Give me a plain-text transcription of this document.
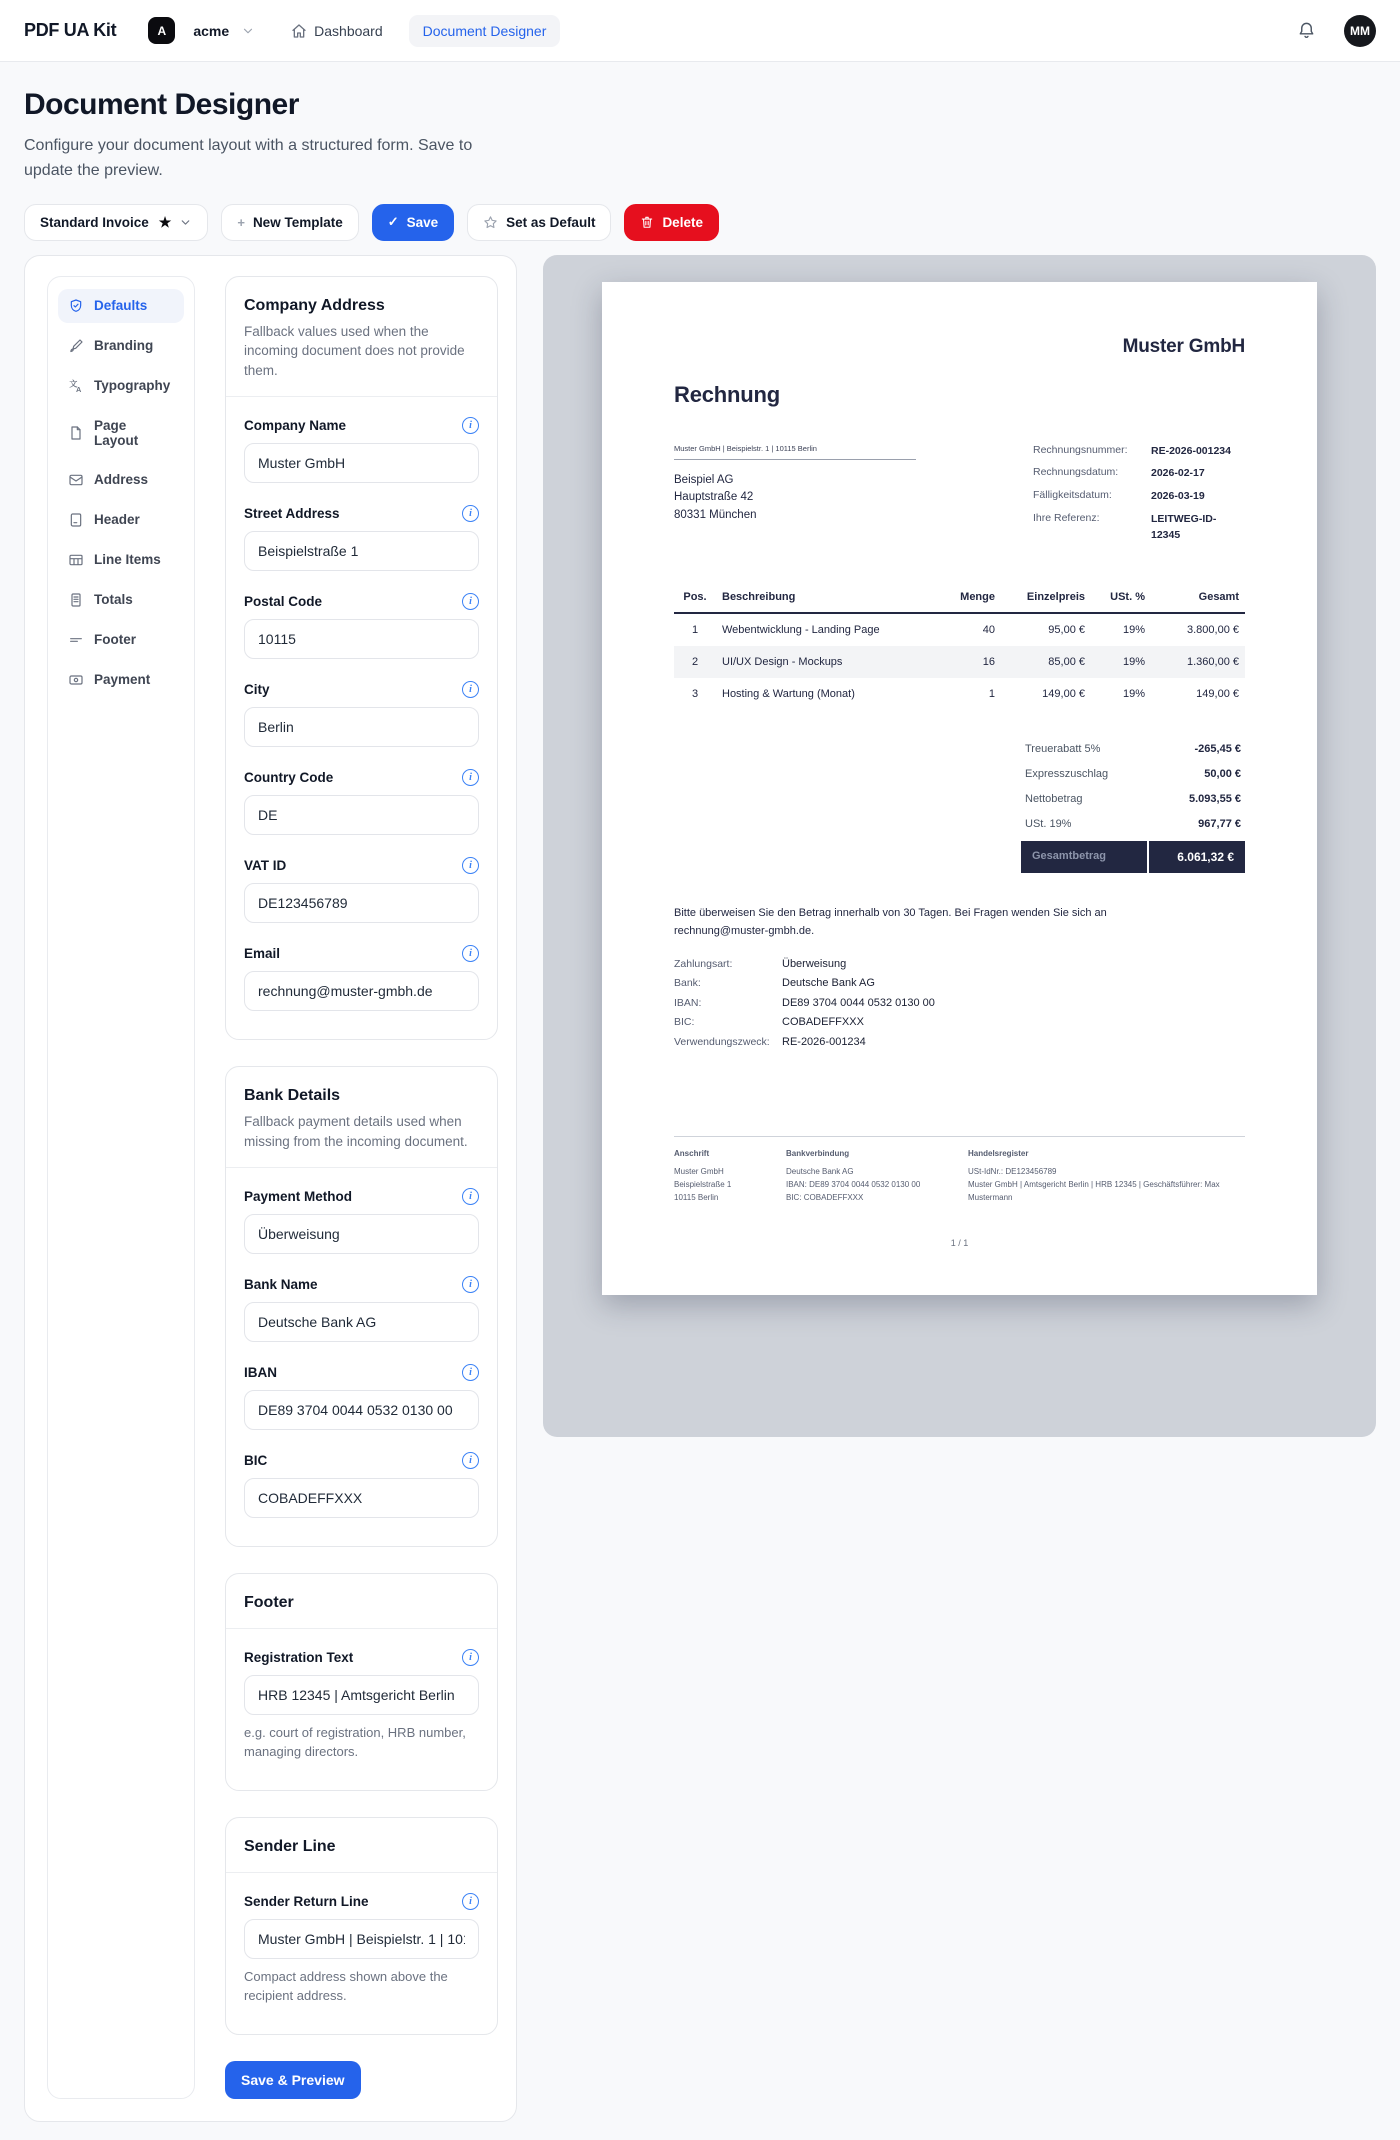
PDF UA Kit	A	acme	Dashboard	Document Designer	MM
Document Designer

Configure your document layout with a structured form. Save to update the preview.

Standard Invoice ★	+ New Template	✓ Save	Set as Default	Delete
Defaults
Branding
文
A Typography
Page Layout
Address
Header
Line Items
Totals
Footer
Payment
Company Address
Fallback values used when the incoming document does not provide them.
Company Name	i
Muster GmbH
Street Address	i
Beispielstraße 1
Postal Code	i
10115
City	i
Berlin
Country Code	i
DE
VAT ID	i
DE123456789
Email	i
rechnung@muster-gmbh.de
Bank Details
Fallback payment details used when missing from the incoming document.
Payment Method	i
Überweisung
Bank Name	i
Deutsche Bank AG
IBAN	i
DE89 3704 0044 0532 0130 00
BIC	i
COBADEFFXXX
Footer
Registration Text	i
HRB 12345 | Amtsgericht Berlin
e.g. court of registration, HRB number, managing directors.
Sender Line
Sender Return Line	i
Muster GmbH | Beispielstr. 1 | 10115 Berlin
Compact address shown above the recipient address.
Save & Preview
Muster GmbH
Rechnung
Muster GmbH | Beispielstr. 1 | 10115 Berlin
Beispiel AG
Hauptstraße 42
80331 München
Rechnungsnummer:	RE-2026-001234
Rechnungsdatum:	2026-02-17
Fälligkeitsdatum:	2026-03-19
Ihre Referenz:	LEITWEG-ID-12345
Pos.	Beschreibung	Menge	Einzelpreis	USt. %	Gesamt
1	Webentwicklung - Landing Page	40	95,00 €	19%	3.800,00 €
2	UI/UX Design - Mockups	16	85,00 €	19%	1.360,00 €
3	Hosting & Wartung (Monat)	1	149,00 €	19%	149,00 €
Treuerabatt 5%	-265,45 €
Expresszuschlag	50,00 €
Nettobetrag	5.093,55 €
USt. 19%	967,77 €
Gesamtbetrag	6.061,32 €

Bitte überweisen Sie den Betrag innerhalb von 30 Tagen. Bei Fragen wenden Sie sich an rechnung@muster-gmbh.de.

Zahlungsart:	Überweisung
Bank:	Deutsche Bank AG
IBAN:	DE89 3704 0044 0532 0130 00
BIC:	COBADEFFXXX
Verwendungszweck:	RE-2026-001234
Anschrift
Muster GmbH
Beispielstraße 1
10115 Berlin
Bankverbindung
Deutsche Bank AG
IBAN: DE89 3704 0044 0532 0130 00
BIC: COBADEFFXXX
Handelsregister
USt-IdNr.: DE123456789
Muster GmbH | Amtsgericht Berlin | HRB 12345 | Geschäftsführer: Max Mustermann
1 / 1
